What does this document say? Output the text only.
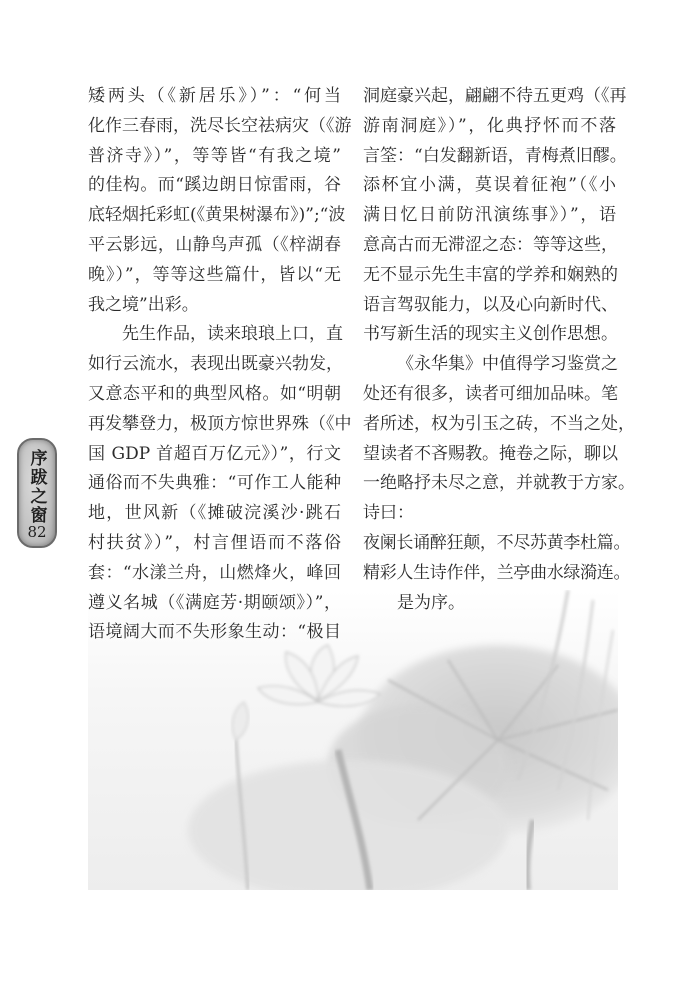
序跋之窗
82
矮两头（《新居乐》）”：“何当
化作三春雨，洗尽长空祛病灾（《游
普济寺》）”，等等皆“有我之境”
的佳构。而“蹊边朗日惊雷雨，谷
底轻烟托彩虹(《黄果树瀑布》)”;“波
平云影远，山静鸟声孤（《梓湖春
晚》）”，等等这些篇什，皆以“无
我之境”出彩。
先生作品，读来琅琅上口，直
如行云流水，表现出既豪兴勃发，
又意态平和的典型风格。如“明朝
再发攀登力，极顶方惊世界殊（《中
国 GDP 首超百万亿元》）”，行文
通俗而不失典雅：“可作工人能种
地，世风新（《摊破浣溪沙·跳石
村扶贫》）”，村言俚语而不落俗
套：“水漾兰舟，山燃烽火，峰回
遵义名城（《满庭芳·期颐颂》）”，
语境阔大而不失形象生动：“极目
洞庭豪兴起，翩翩不待五更鸡（《再
游南洞庭》）”，化典抒怀而不落
言筌：“白发翻新语，青梅煮旧醪。
添杯宜小满，莫误着征袍”（《小
满日忆日前防汛演练事》）”，语
意高古而无滞涩之态：等等这些，
无不显示先生丰富的学养和娴熟的
语言驾驭能力，以及心向新时代、
书写新生活的现实主义创作思想。
《永华集》中值得学习鉴赏之
处还有很多，读者可细加品味。笔
者所述，权为引玉之砖，不当之处，
望读者不吝赐教。掩卷之际，聊以
一绝略抒未尽之意，并就教于方家。
诗曰：
夜阑长诵醉狂颠，不尽苏黄李杜篇。
精彩人生诗作伴，兰亭曲水绿漪连。
是为序。
